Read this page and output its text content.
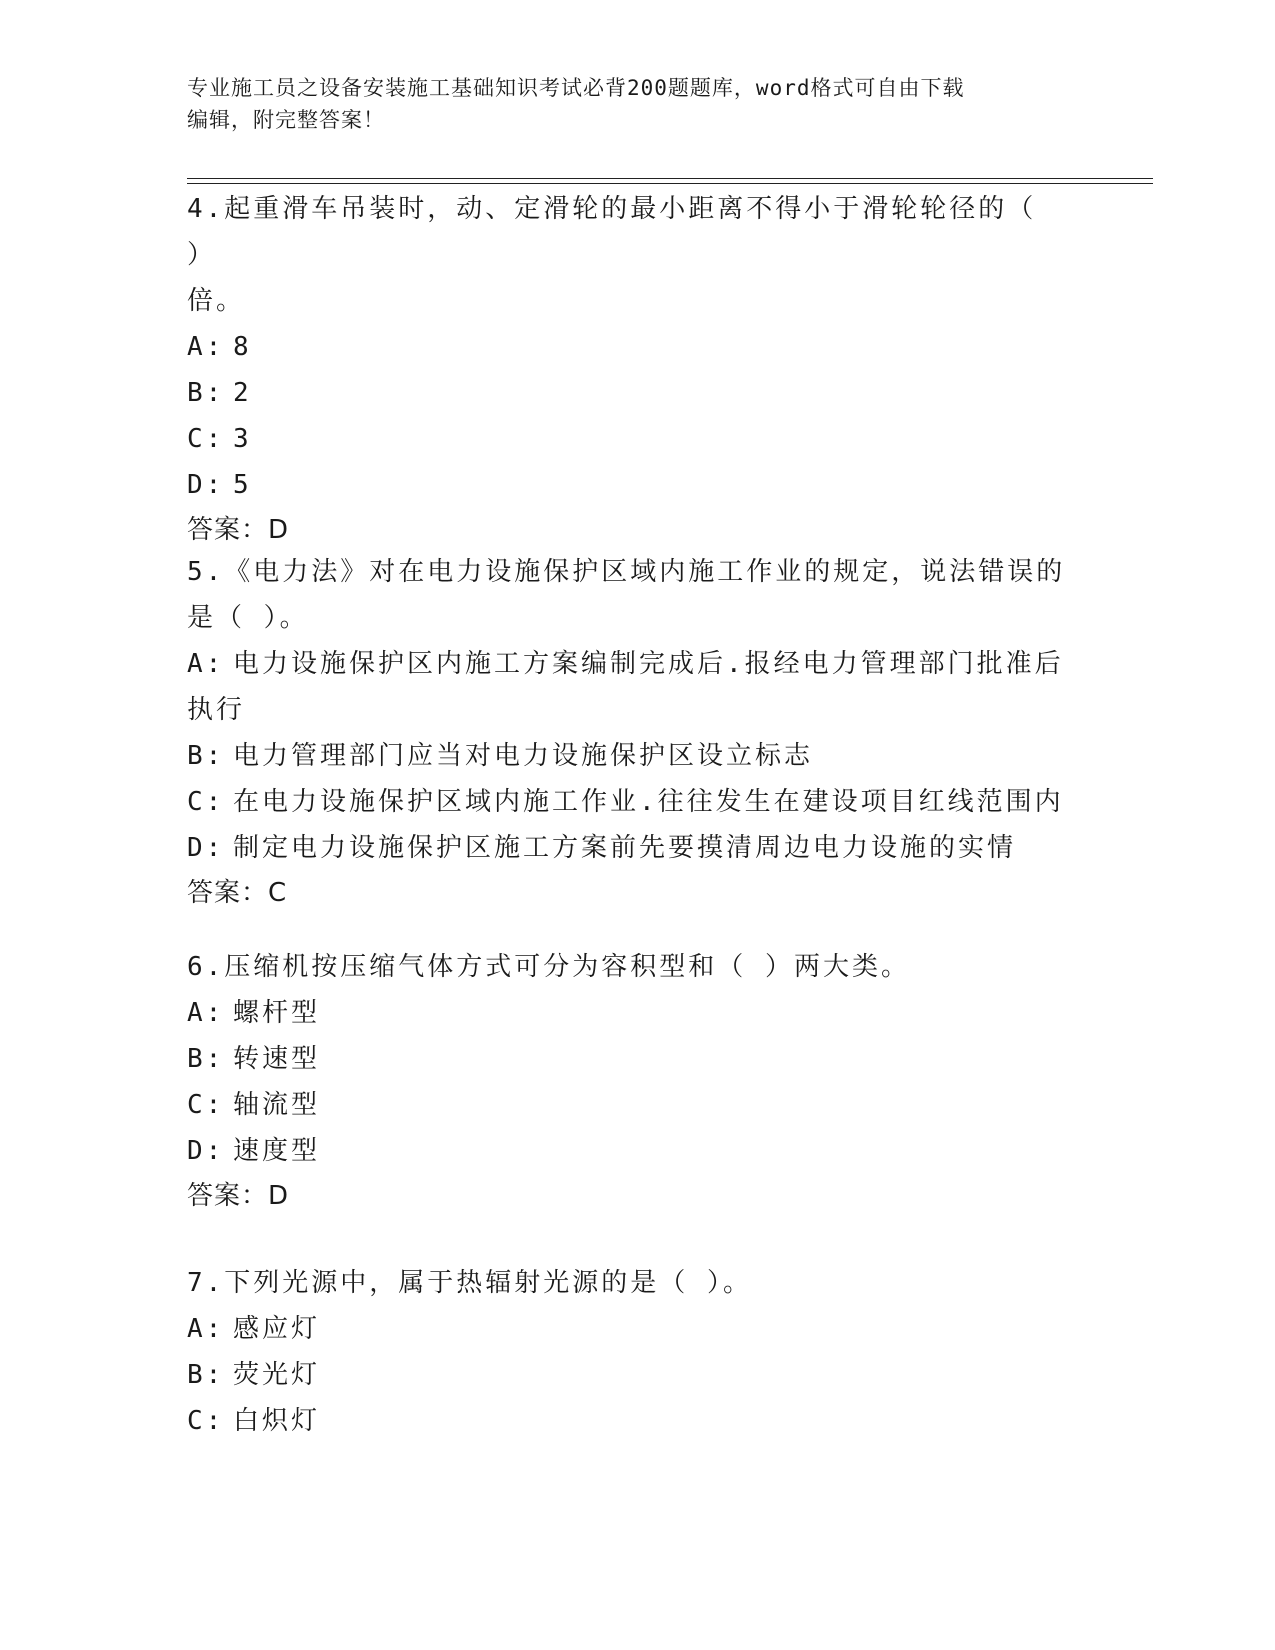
专业施工员之设备安装施工基础知识考试必背200题题库，word格式可自由下载
编辑，附完整答案！
4.起重滑车吊装时，动、定滑轮的最小距离不得小于滑轮轮径的（ ）
倍。
A: 8
B: 2
C: 3
D: 5
答案：D
5.《电力法》对在电力设施保护区域内施工作业的规定，说法错误的
是（ ）。
A: 电力设施保护区内施工方案编制完成后.报经电力管理部门批准后
执行
B: 电力管理部门应当对电力设施保护区设立标志
C: 在电力设施保护区域内施工作业.往往发生在建设项目红线范围内
D: 制定电力设施保护区施工方案前先要摸清周边电力设施的实情
答案：C
6.压缩机按压缩气体方式可分为容积型和（ ）两大类。
A: 螺杆型
B: 转速型
C: 轴流型
D: 速度型
答案：D
7.下列光源中，属于热辐射光源的是（ ）。
A: 感应灯
B: 荧光灯
C: 白炽灯
